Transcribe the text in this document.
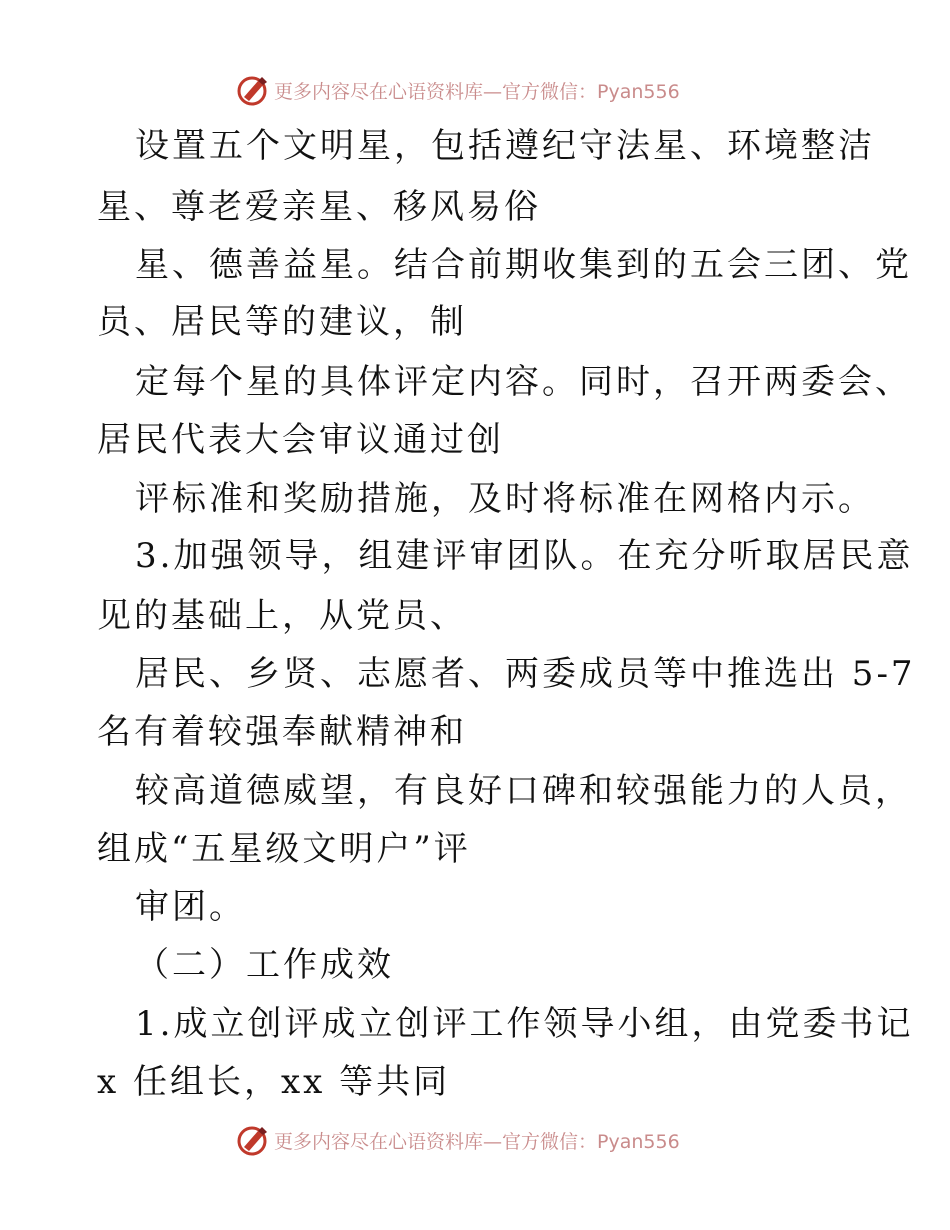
更多内容尽在心语资料库—官方微信：Pyan556
设置五个文明星，包括遵纪守法星、环境整洁
星、尊老爱亲星、移风易俗
星、德善益星。结合前期收集到的五会三团、党
员、居民等的建议，制
定每个星的具体评定内容。同时，召开两委会、
居民代表大会审议通过创
评标准和奖励措施，及时将标准在网格内示。
3.加强领导，组建评审团队。在充分听取居民意
见的基础上，从党员、
居民、乡贤、志愿者、两委成员等中推选出 5-7
名有着较强奉献精神和
较高道德威望，有良好口碑和较强能力的人员，
组成“五星级文明户”评
审团。
（二）工作成效
1.成立创评成立创评工作领导小组，由党委书记
x 任组长，xx 等共同
更多内容尽在心语资料库—官方微信：Pyan556
